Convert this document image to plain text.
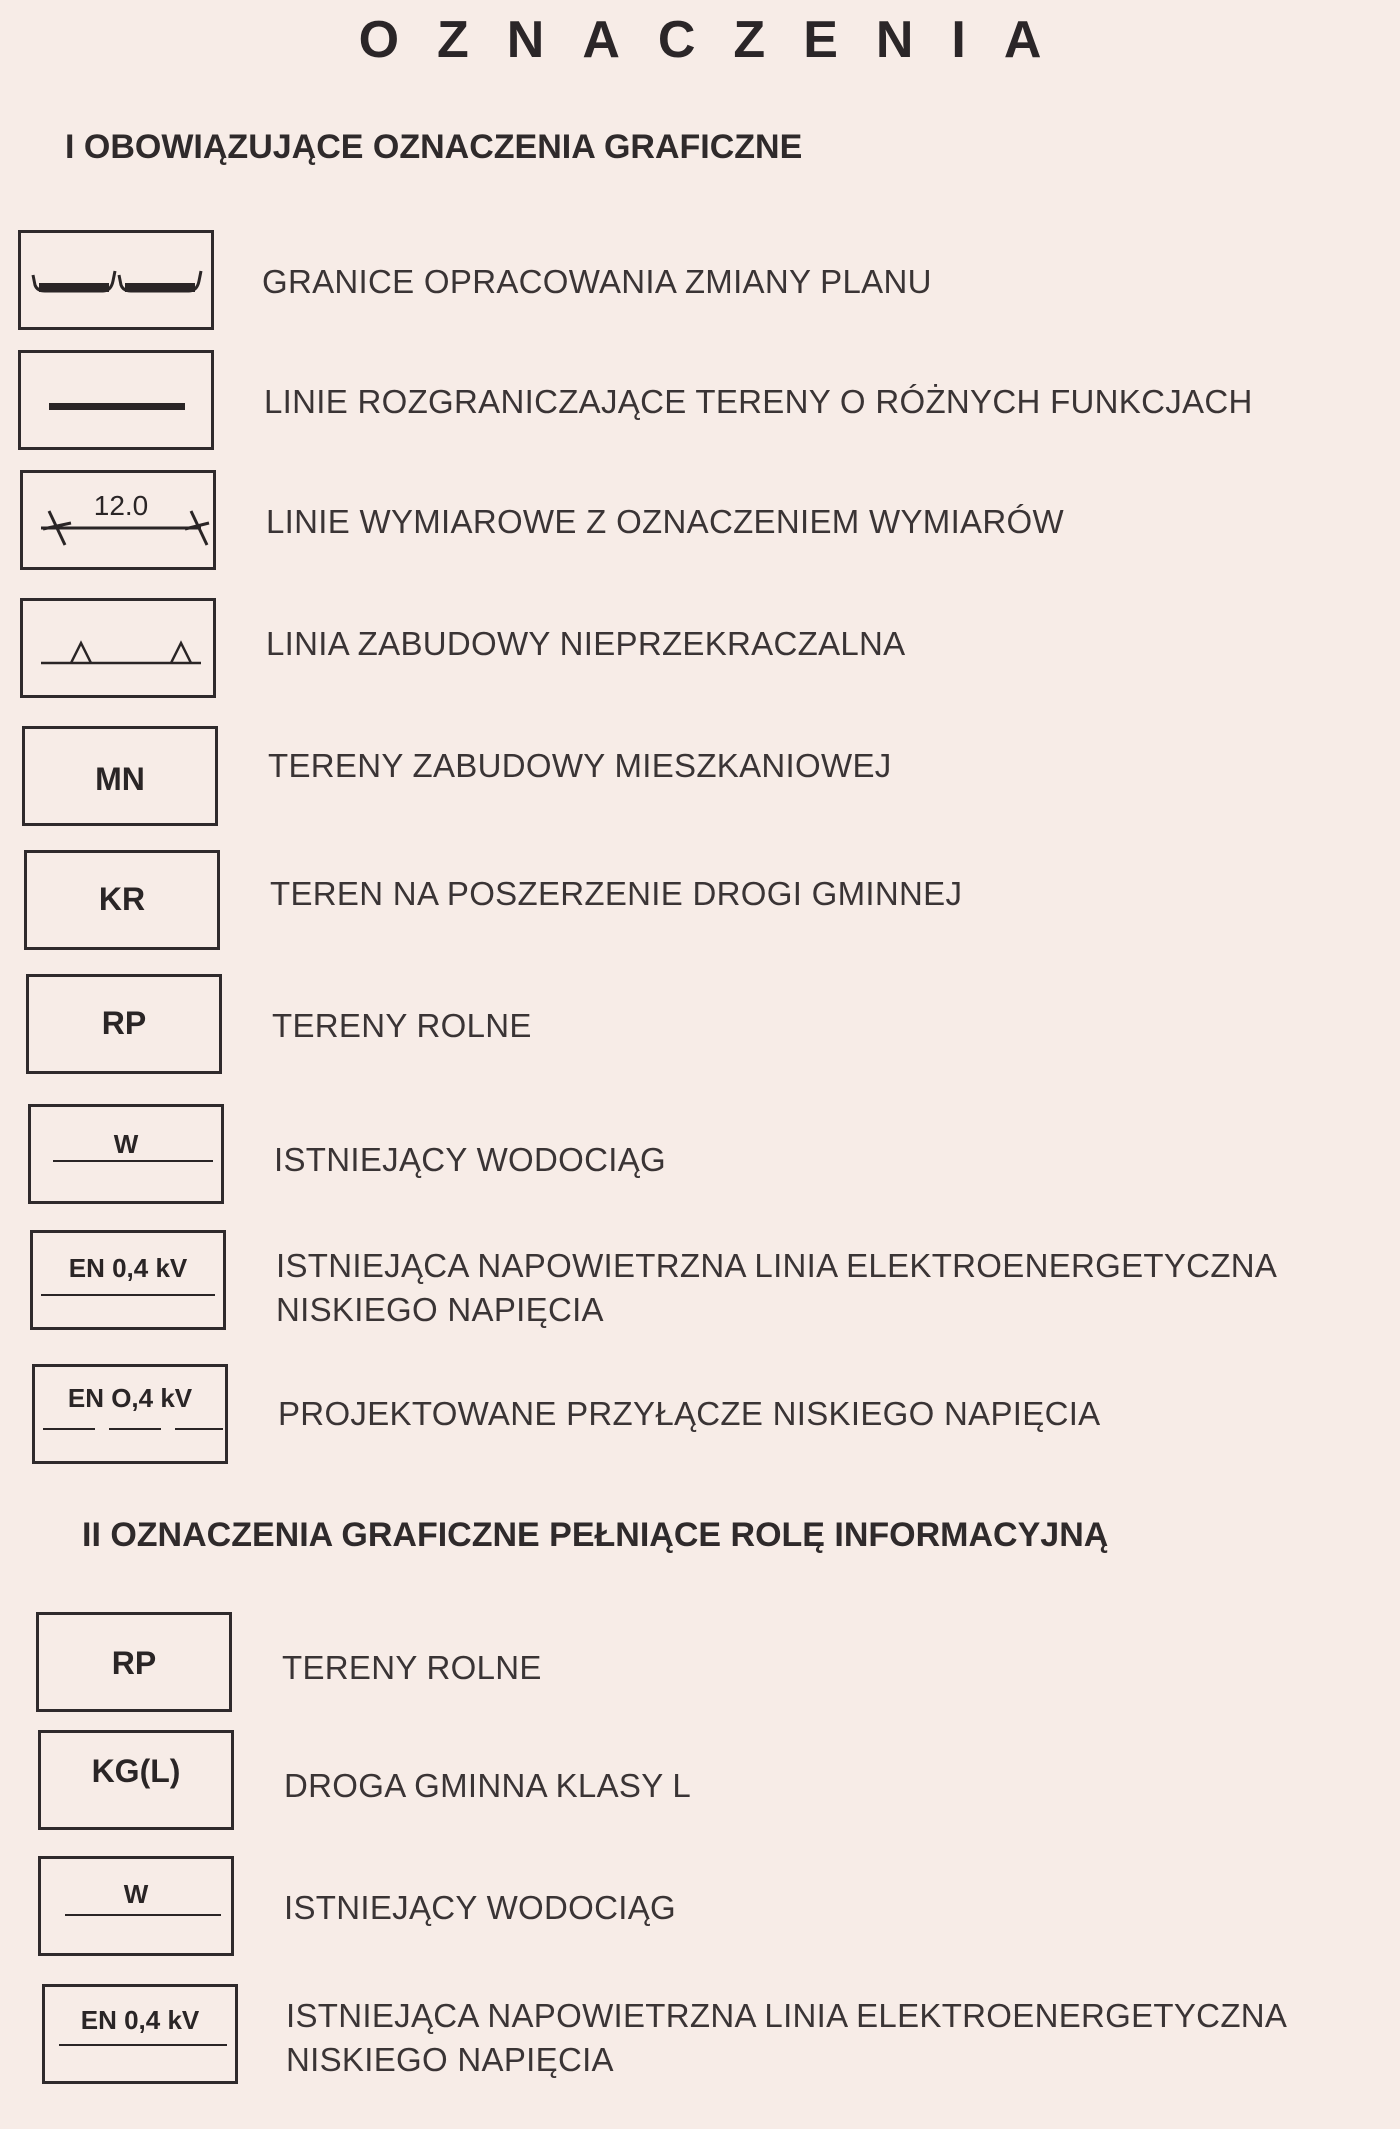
OZNACZENIA
I OBOWIĄZUJĄCE OZNACZENIA GRAFICZNE
GRANICE OPRACOWANIA ZMIANY PLANU
LINIE ROZGRANICZAJĄCE TERENY O RÓŻNYCH FUNKCJACH
12.0	LINIE WYMIAROWE Z OZNACZENIEM WYMIARÓW
LINIA ZABUDOWY NIEPRZEKRACZALNA
MN	TERENY ZABUDOWY MIESZKANIOWEJ
KR	TEREN NA POSZERZENIE DROGI GMINNEJ
RP	TERENY ROLNE
W	ISTNIEJĄCY WODOCIĄG
EN 0,4 kV	ISTNIEJĄCA NAPOWIETRZNA LINIA ELEKTROENERGETYCZNA
NISKIEGO NAPIĘCIA
EN O,4 kV	PROJEKTOWANE PRZYŁĄCZE NISKIEGO NAPIĘCIA
II OZNACZENIA GRAFICZNE PEŁNIĄCE ROLĘ INFORMACYJNĄ
RP	TERENY ROLNE
KG(L)	DROGA GMINNA KLASY L
W	ISTNIEJĄCY WODOCIĄG
EN 0,4 kV	ISTNIEJĄCA NAPOWIETRZNA LINIA ELEKTROENERGETYCZNA
NISKIEGO NAPIĘCIA
